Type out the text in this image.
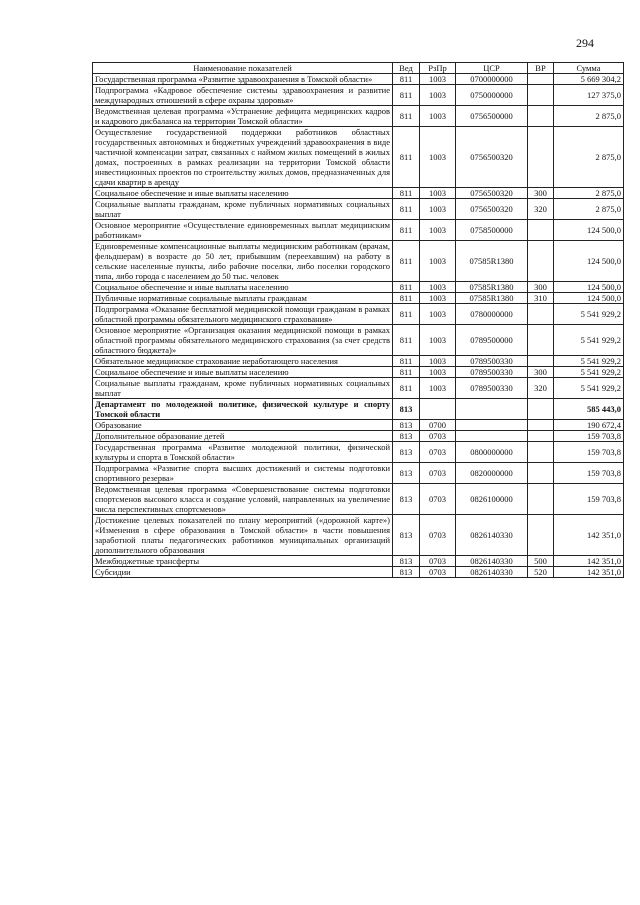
294
Наименование показателей	Вед	РзПр	ЦСР	ВР	Сумма
Государственная программа «Развитие здравоохранения в Томской области»	811	1003	0700000000		5 669 304,2
Подпрограмма «Кадровое обеспечение системы здравоохранения и развитие международных отношений в сфере охраны здоровья»	811	1003	0750000000		127 375,0
Ведомственная целевая программа «Устранение дефицита медицинских кадров и кадрового дисбаланса на территории Томской области»	811	1003	0756500000		2 875,0
Осуществление государственной поддержки работников областных государственных автономных и бюджетных учреждений здравоохранения в виде частичной компенсации затрат, связанных с наймом жилых помещений в жилых домах, построенных в рамках реализации на территории Томской области инвестиционных проектов по строительству жилых домов, предназначенных для сдачи квартир в аренду	811	1003	0756500320		2 875,0
Социальное обеспечение и иные выплаты населению	811	1003	0756500320	300	2 875,0
Социальные выплаты гражданам, кроме публичных нормативных социальных выплат	811	1003	0756500320	320	2 875,0
Основное мероприятие «Осуществление единовременных выплат медицинским работникам»	811	1003	0758500000		124 500,0
Единовременные компенсационные выплаты медицинским работникам (врачам, фельдшерам) в возрасте до 50 лет, прибывшим (переехавшим) на работу в сельские населенные пункты, либо рабочие поселки, либо поселки городского типа, либо города с населением до 50 тыс. человек	811	1003	07585R1380		124 500,0
Социальное обеспечение и иные выплаты населению	811	1003	07585R1380	300	124 500,0
Публичные нормативные социальные выплаты гражданам	811	1003	07585R1380	310	124 500,0
Подпрограмма «Оказание бесплатной медицинской помощи гражданам в рамках областной программы обязательного медицинского страхования»	811	1003	0780000000		5 541 929,2
Основное мероприятие «Организация оказания медицинской помощи в рамках областной программы обязательного медицинского страхования (за счет средств областного бюджета)»	811	1003	0789500000		5 541 929,2
Обязательное медицинское страхование неработающего населения	811	1003	0789500330		5 541 929,2
Социальное обеспечение и иные выплаты населению	811	1003	0789500330	300	5 541 929,2
Социальные выплаты гражданам, кроме публичных нормативных социальных выплат	811	1003	0789500330	320	5 541 929,2
Департамент по молодежной политике, физической культуре и спорту Томской области	813				585 443,0
Образование	813	0700			190 672,4
Дополнительное образование детей	813	0703			159 703,8
Государственная программа «Развитие молодежной политики, физической культуры и спорта в Томской области»	813	0703	0800000000		159 703,8
Подпрограмма «Развитие спорта высших достижений и системы подготовки спортивного резерва»	813	0703	0820000000		159 703,8
Ведомственная целевая программа «Совершенствование системы подготовки спортсменов высокого класса и создание условий, направленных на увеличение числа перспективных спортсменов»	813	0703	0826100000		159 703,8
Достижение целевых показателей по плану мероприятий («дорожной карте») «Изменения в сфере образования в Томской области» в части повышения заработной платы педагогических работников муниципальных организаций дополнительного образования	813	0703	0826140330		142 351,0
Межбюджетные трансферты	813	0703	0826140330	500	142 351,0
Субсидии	813	0703	0826140330	520	142 351,0
